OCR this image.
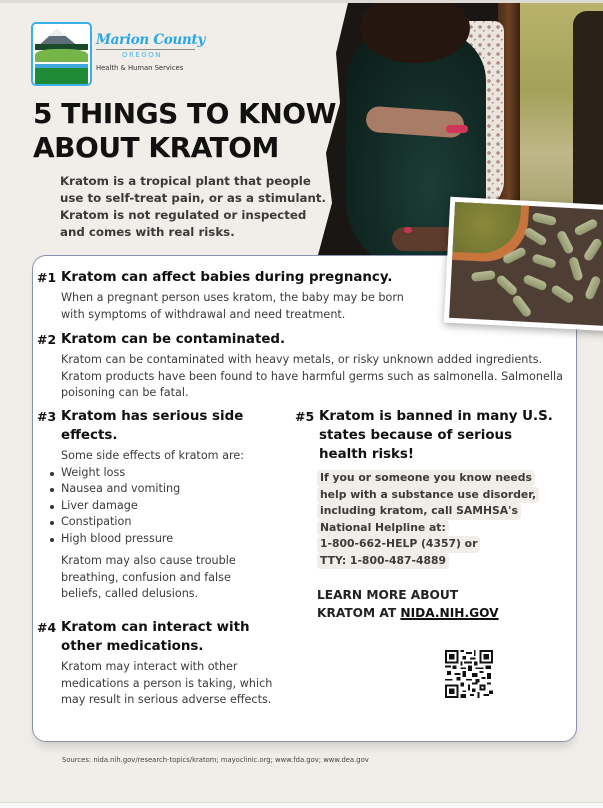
Marion County
OREGON
Health & Human Services
5 THINGS TO KNOW
ABOUT KRATOM
Kratom is a tropical plant that people use to self-treat pain, or as a stimulant. Kratom is not regulated or inspected and comes with real risks.
#1 Kratom can affect babies during pregnancy.
When a pregnant person uses kratom, the baby may be born with symptoms of withdrawal and need treatment.
#2 Kratom can be contaminated.
Kratom can be contaminated with heavy metals, or risky unknown added ingredients. Kratom products have been found to have harmful germs such as salmonella. Salmonella poisoning can be fatal.
#3 Kratom has serious side effects.
Some side effects of kratom are:
Weight loss
Nausea and vomiting
Liver damage
Constipation
High blood pressure
Kratom may also cause trouble breathing, confusion and false beliefs, called delusions.
#4 Kratom can interact with other medications.
Kratom may interact with other medications a person is taking, which may result in serious adverse effects.
#5 Kratom is banned in many U.S. states because of serious health risks!
If you or someone you know needs
help with a substance use disorder,
including kratom, call SAMHSA's
National Helpline at:
1-800-662-HELP (4357) or
TTY: 1-800-487-4889
LEARN MORE ABOUT
KRATOM AT NIDA.NIH.GOV
Sources: nida.nih.gov/research-topics/kratom; mayoclinic.org; www.fda.gov; www.dea.gov
